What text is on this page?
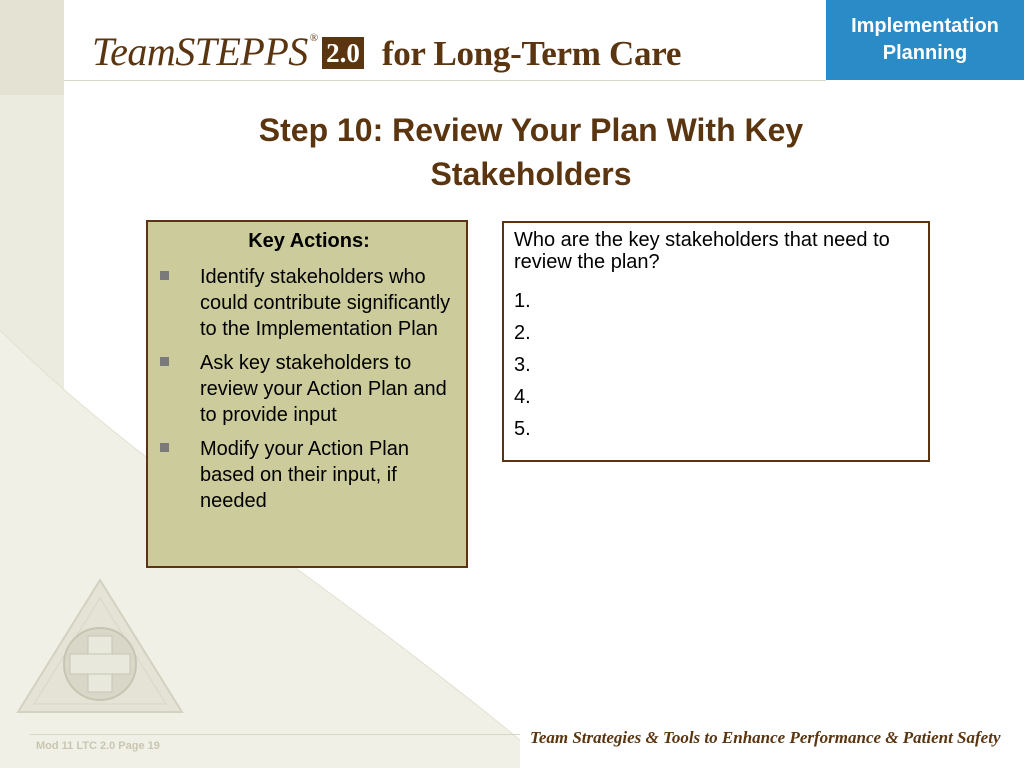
TeamSTEPPS ® 2.0 for Long-Term Care
Implementation
Planning
Step 10: Review Your Plan With Key
Stakeholders
Key Actions:
Identify stakeholders who could contribute significantly to the Implementation Plan
Ask key stakeholders to review your Action Plan and to provide input
Modify your Action Plan based on their input, if needed
Who are the key stakeholders that need to review the plan?
1.
2.
3.
4.
5.
Mod 11 LTC 2.0 Page 19	Team Strategies & Tools to Enhance Performance & Patient Safety
